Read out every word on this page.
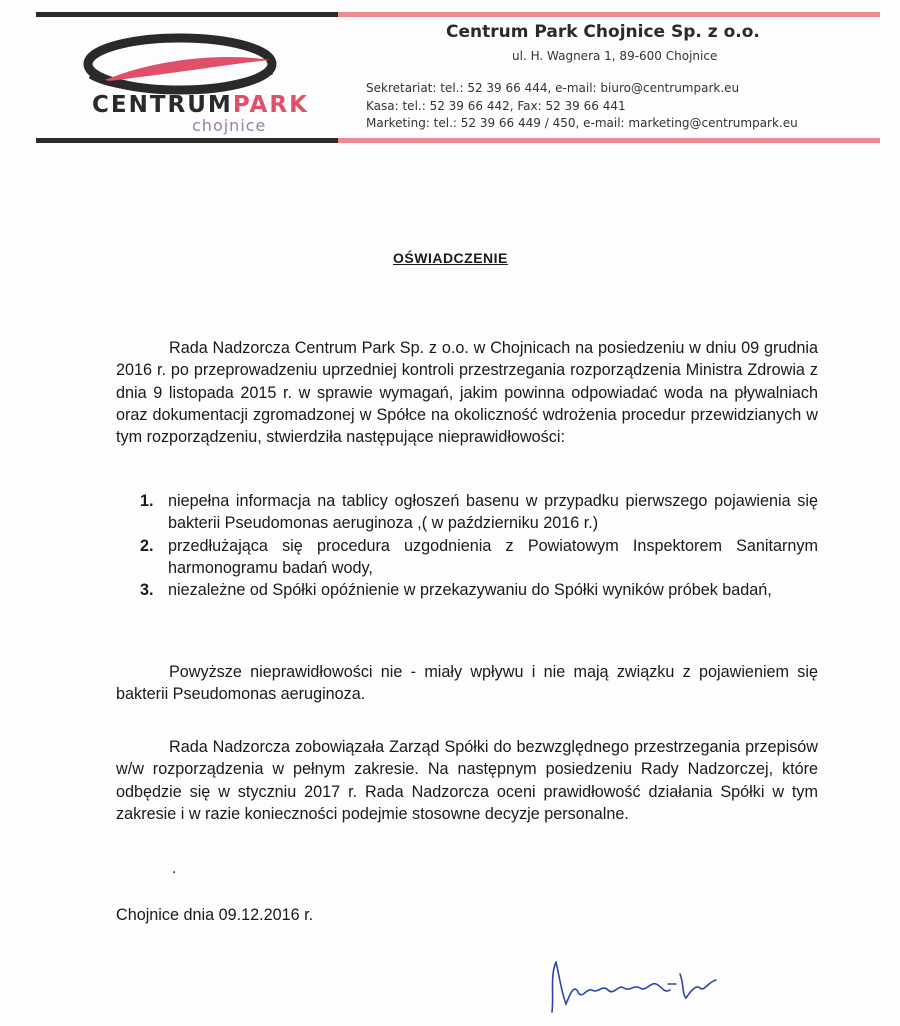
CENTRUMPARK
chojnice
Centrum Park Chojnice Sp. z o.o.
ul. H. Wagnera 1, 89-600 Chojnice
Sekretariat: tel.: 52 39 66 444, e-mail: biuro@centrumpark.eu
Kasa: tel.: 52 39 66 442, Fax: 52 39 66 441
Marketing: tel.: 52 39 66 449 / 450, e-mail: marketing@centrumpark.eu
OŚWIADCZENIE
Rada Nadzorcza Centrum Park Sp. z o.o. w Chojnicach na posiedzeniu w dniu 09 grudnia 2016 r. po przeprowadzeniu uprzedniej kontroli przestrzegania rozporządzenia Ministra Zdrowia z dnia 9 listopada 2015 r. w sprawie wymagań, jakim powinna odpowiadać woda na pływalniach oraz dokumentacji zgromadzonej w Spółce na okoliczność wdrożenia procedur przewidzianych w tym rozporządzeniu, stwierdziła następujące nieprawidłowości:
1. niepełna informacja na tablicy ogłoszeń basenu w przypadku pierwszego pojawienia się bakterii Pseudomonas aeruginoza ,( w październiku 2016 r.)
2. przedłużająca się procedura uzgodnienia z Powiatowym Inspektorem Sanitarnym harmonogramu badań wody,
3. niezależne od Spółki opóźnienie w przekazywaniu do Spółki wyników próbek badań,
Powyższe nieprawidłowości nie - miały wpływu i nie mają związku z pojawieniem się bakterii Pseudomonas aeruginoza.
Rada Nadzorcza zobowiązała Zarząd Spółki do bezwzględnego przestrzegania przepisów w/w rozporządzenia w pełnym zakresie. Na następnym posiedzeniu Rady Nadzorczej, które odbędzie się w styczniu 2017 r. Rada Nadzorcza oceni prawidłowość działania Spółki w tym zakresie i w razie konieczności podejmie stosowne decyzje personalne.
.
Chojnice dnia 09.12.2016 r.
